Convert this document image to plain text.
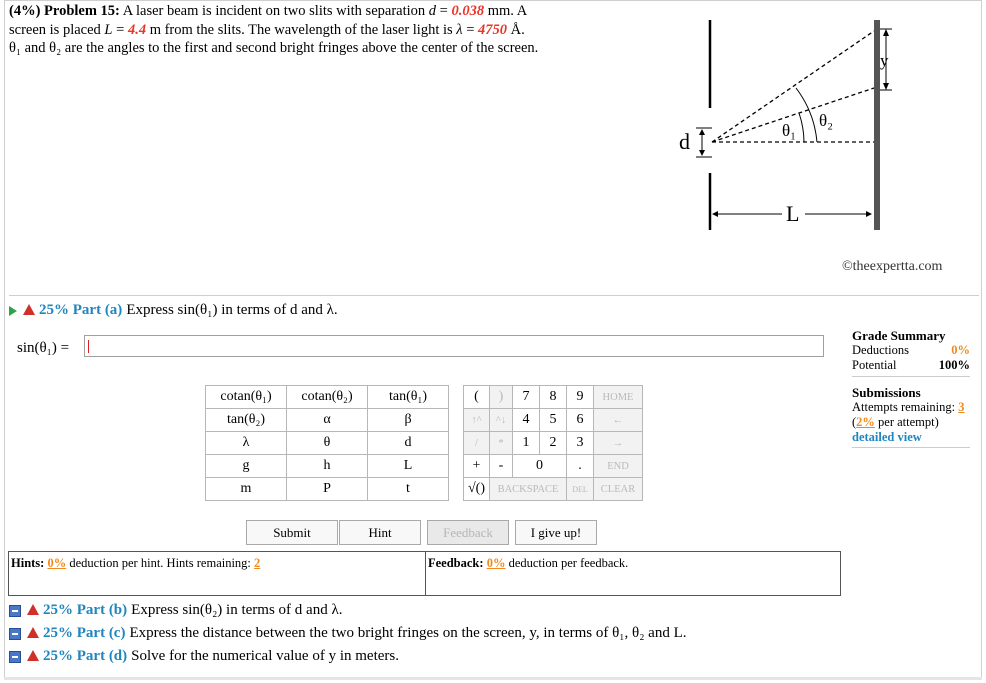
(4%) Problem 15: A laser beam is incident on two slits with separation d = 0.038 mm. A
screen is placed L = 4.4 m from the slits. The wavelength of the laser light is λ = 4750 Å.
θ₁ and θ₂ are the angles to the first and second bright fringes above the center of the screen.
d	θ₁
θ₂
y
L
©theexpertta.com
25% Part (a) Express sin(θ₁) in terms of d and λ.
sin(θ₁) =
cotan(θ₁)	cotan(θ₂)	tan(θ₁)		(	)	7	8	9	HOME
tan(θ₂)	α	β		↑^	^↓	4	5	6	←
λ	θ	d		/	*	1	2	3	→
g	h	L		+	-	0		.	END
m	P	t		√()	BACKSPACE			DEL	CLEAR
Submit	Hint	Feedback	I give up!
Hints: 0% deduction per hint. Hints remaining: 2	Feedback: 0% deduction per feedback.
Grade Summary
Deductions	0%
Potential	100%
Submissions
Attempts remaining: 3
(2% per attempt)
detailed view
25% Part (b) Express sin(θ₂) in terms of d and λ.
25% Part (c) Express the distance between the two bright fringes on the screen, y, in terms of θ₁, θ₂ and L.
25% Part (d) Solve for the numerical value of y in meters.
